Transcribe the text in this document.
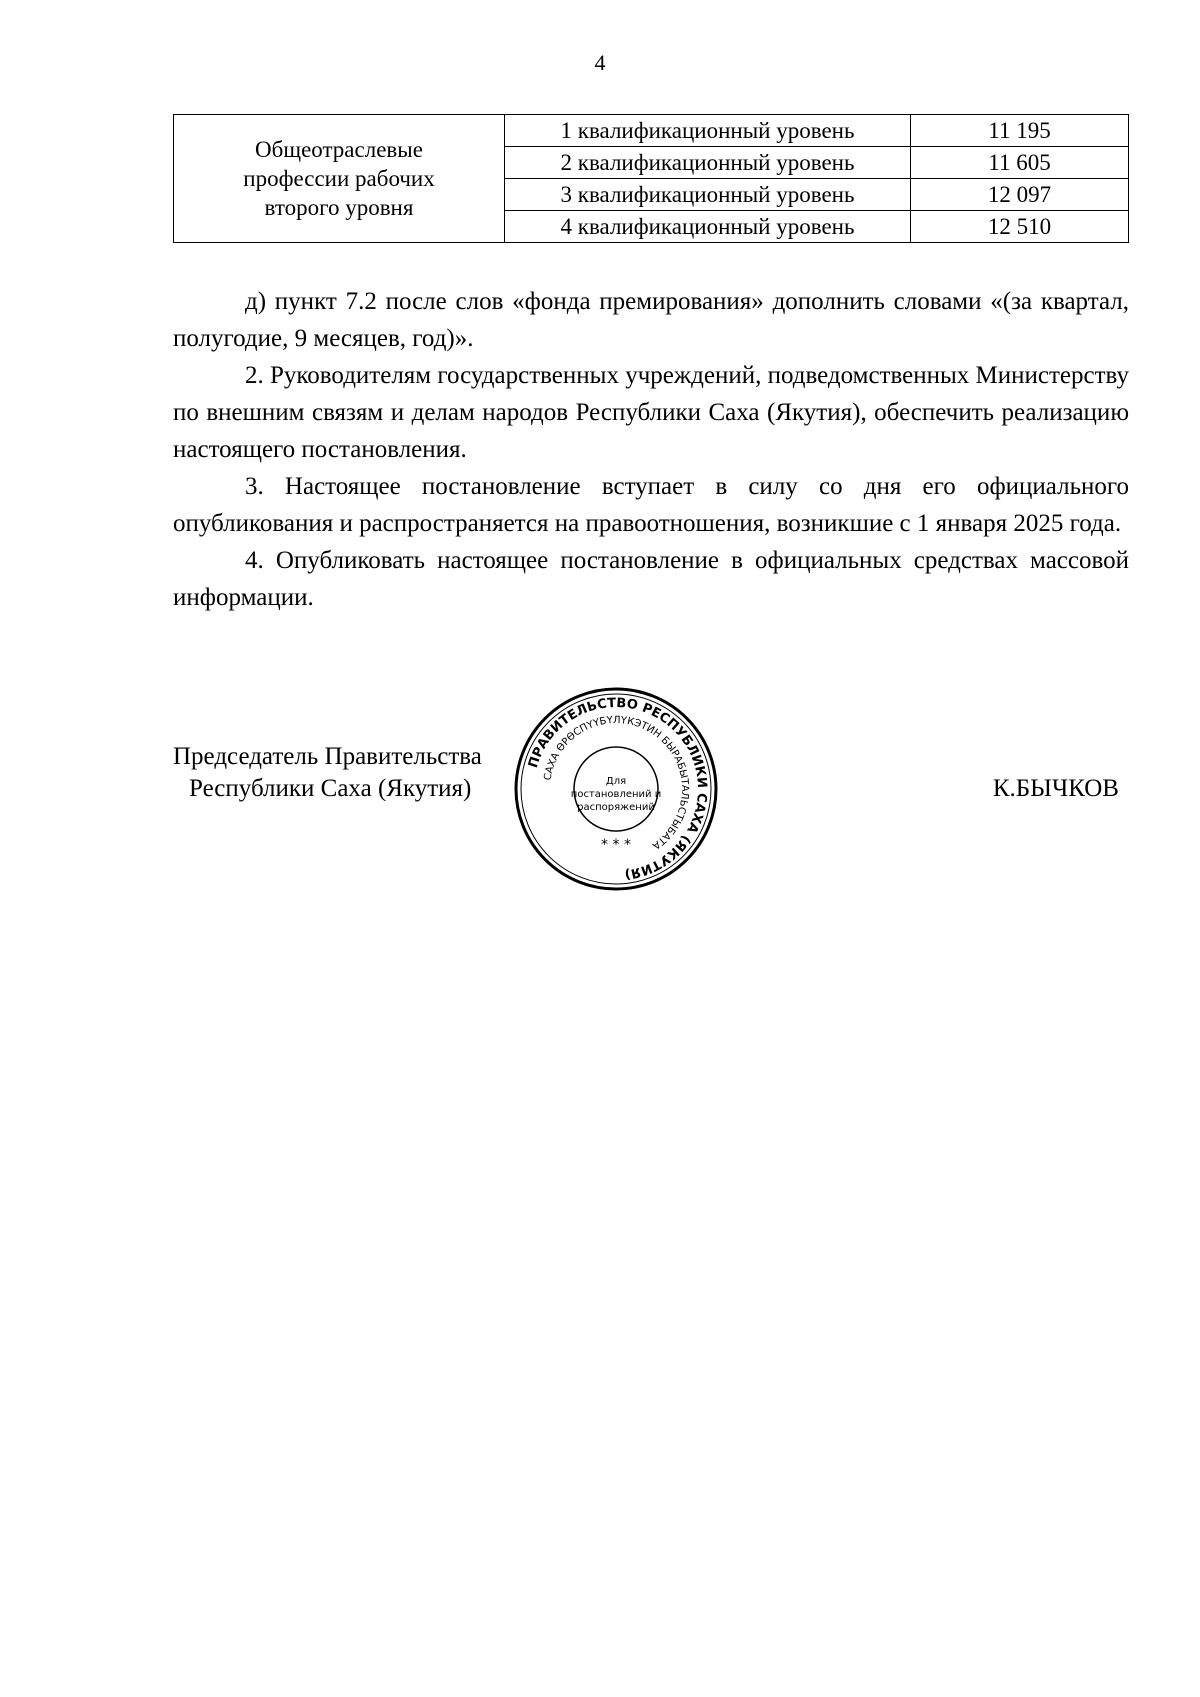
4
Общеотраслевые
профессии рабочих
второго уровня	1 квалификационный уровень	11 195
	2 квалификационный уровень	11 605
	3 квалификационный уровень	12 097
	4 квалификационный уровень	12 510

д) пункт 7.2 после слов «фонда премирования» дополнить словами «(за квартал, полугодие, 9 месяцев, год)».

2. Руководителям государственных учреждений, подведомственных Министерству по внешним связям и делам народов Республики Саха (Якутия), обеспечить реализацию настоящего постановления.

3. Настоящее постановление вступает в силу со дня его официального опубликования и распространяется на правоотношения, возникшие с 1 января 2025 года.

4. Опубликовать настоящее постановление в официальных средствах массовой информации.

Председатель Правительства
Республики Саха (Якутия)	К.БЫЧКОВ
ПРАВИТЕЛЬСТВО РЕСПУБЛИКИ САХА (ЯКУТИЯ)
САХА ӨРӨСПҮҮБҮЛҮКЭТИН БЫРАБЫТАЛЬСТЫБАТА
Для
постановлений и
распоряжений
* * *
